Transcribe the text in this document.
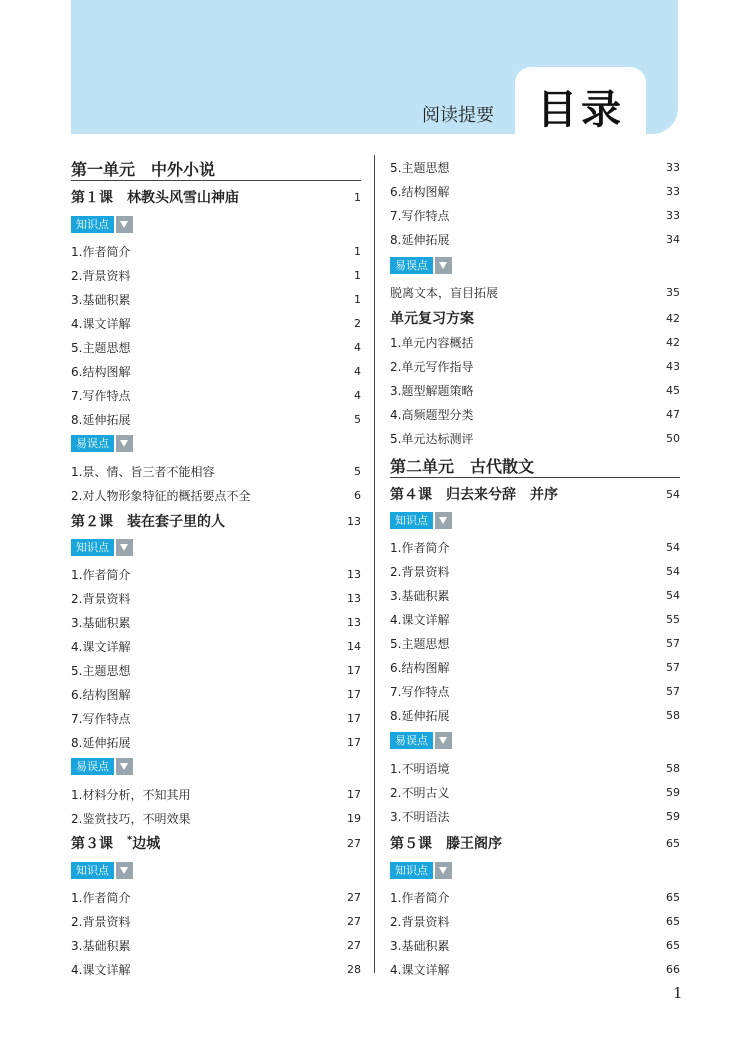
阅读提要 目录
第一单元　中外小说
第１课　林教头风雪山神庙	1
知识点
1.作者简介	1
2.背景资料	1
3.基础积累	1
4.课文详解	2
5.主题思想	4
6.结构图解	4
7.写作特点	4
8.延伸拓展	5
易误点
1.景、情、旨三者不能相容	5
2.对人物形象特征的概括要点不全	6
第２课　装在套子里的人	13
知识点
1.作者简介	13
2.背景资料	13
3.基础积累	13
4.课文详解	14
5.主题思想	17
6.结构图解	17
7.写作特点	17
8.延伸拓展	17
易误点
1.材料分析，不知其用	17
2.鉴赏技巧，不明效果	19
第３课　*边城	27
知识点
1.作者简介	27
2.背景资料	27
3.基础积累	27
4.课文详解	28
5.主题思想	33
6.结构图解	33
7.写作特点	33
8.延伸拓展	34
易误点
脱离文本，盲目拓展	35
单元复习方案	42
1.单元内容概括	42
2.单元写作指导	43
3.题型解题策略	45
4.高频题型分类	47
5.单元达标测评	50
第二单元　古代散文
第４课　归去来兮辞　并序	54
知识点
1.作者简介	54
2.背景资料	54
3.基础积累	54
4.课文详解	55
5.主题思想	57
6.结构图解	57
7.写作特点	57
8.延伸拓展	58
易误点
1.不明语境	58
2.不明古义	59
3.不明语法	59
第５课　滕王阁序	65
知识点
1.作者简介	65
2.背景资料	65
3.基础积累	65
4.课文详解	66
1
